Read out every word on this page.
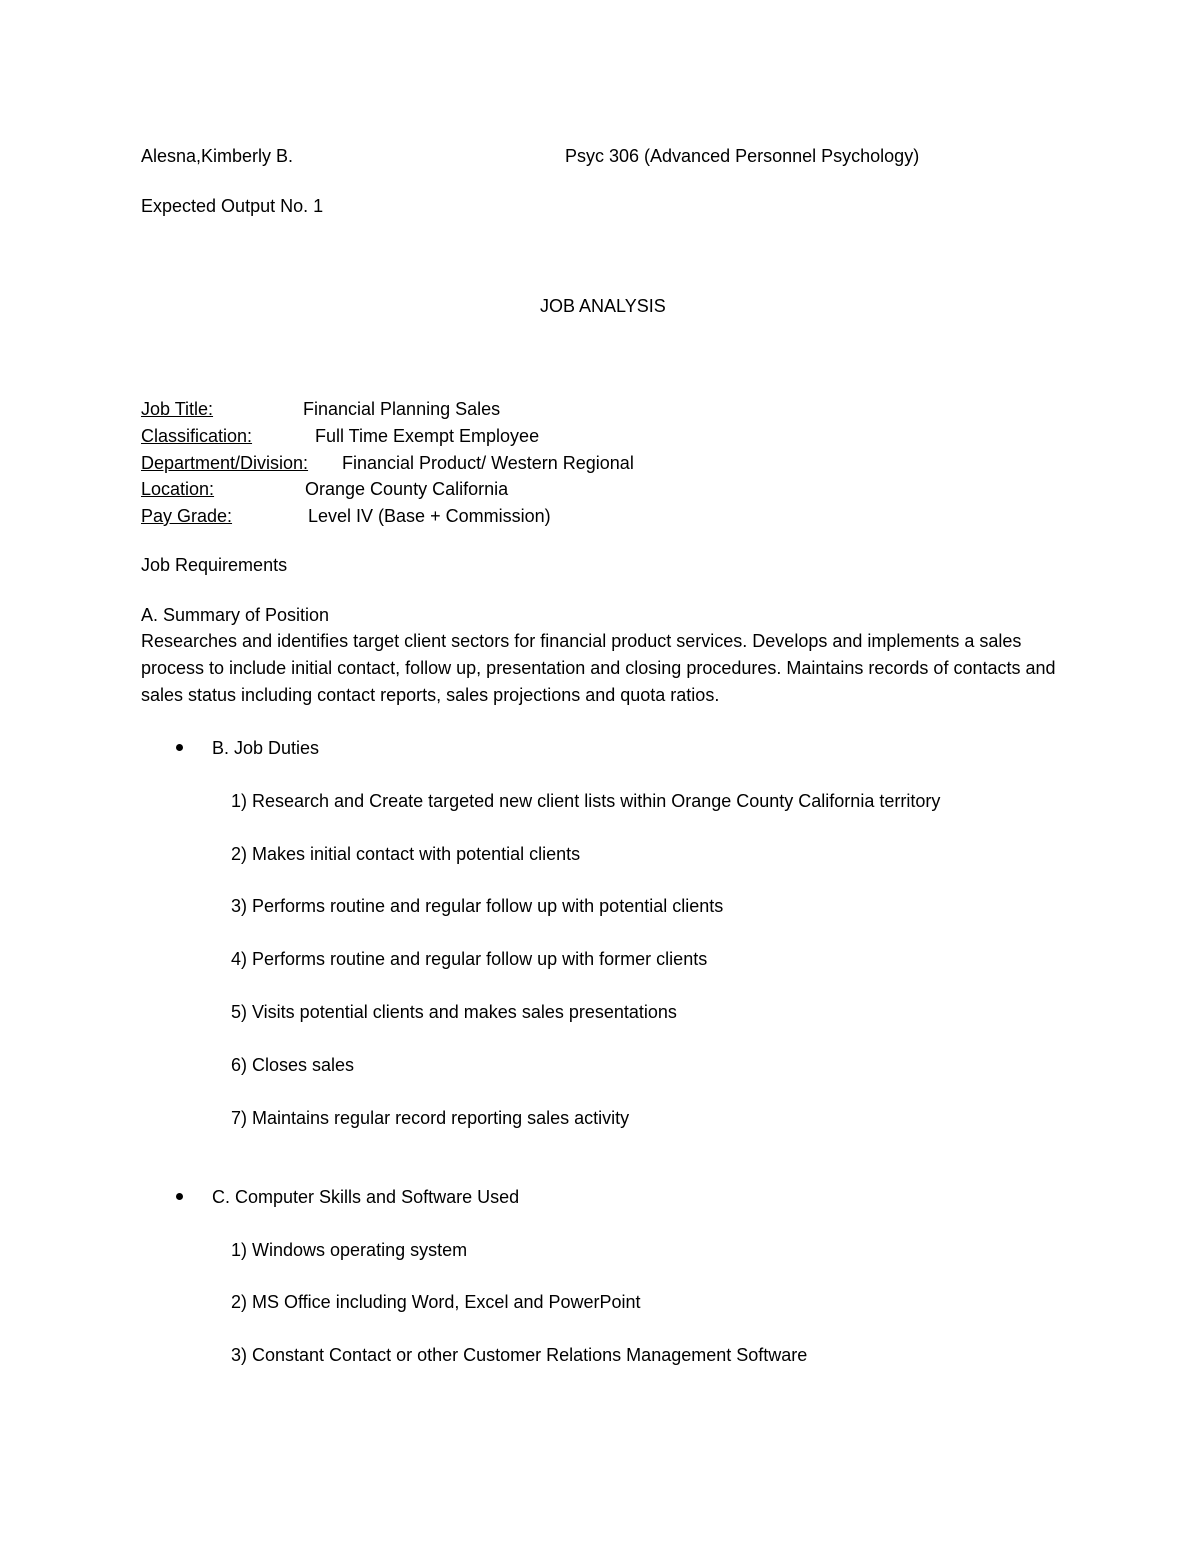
Alesna,Kimberly B.	Psyc 306 (Advanced Personnel Psychology)
Expected Output No. 1
JOB ANALYSIS
Job Title:	Financial Planning Sales
Classification:	Full Time Exempt Employee
Department/Division: Financial Product/ Western Regional
Location:	Orange County California
Pay Grade:	Level IV (Base + Commission)
Job Requirements
A. Summary of Position
Researches and identifies target client sectors for financial product services. Develops and implements a sales process to include initial contact, follow up, presentation and closing procedures. Maintains records of contacts and sales status including contact reports, sales projections and quota ratios.
B. Job Duties
1) Research and Create targeted new client lists within Orange County California territory
2) Makes initial contact with potential clients
3) Performs routine and regular follow up with potential clients
4) Performs routine and regular follow up with former clients
5) Visits potential clients and makes sales presentations
6) Closes sales
7) Maintains regular record reporting sales activity
C. Computer Skills and Software Used
1) Windows operating system
2) MS Office including Word, Excel and PowerPoint
3) Constant Contact or other Customer Relations Management Software
